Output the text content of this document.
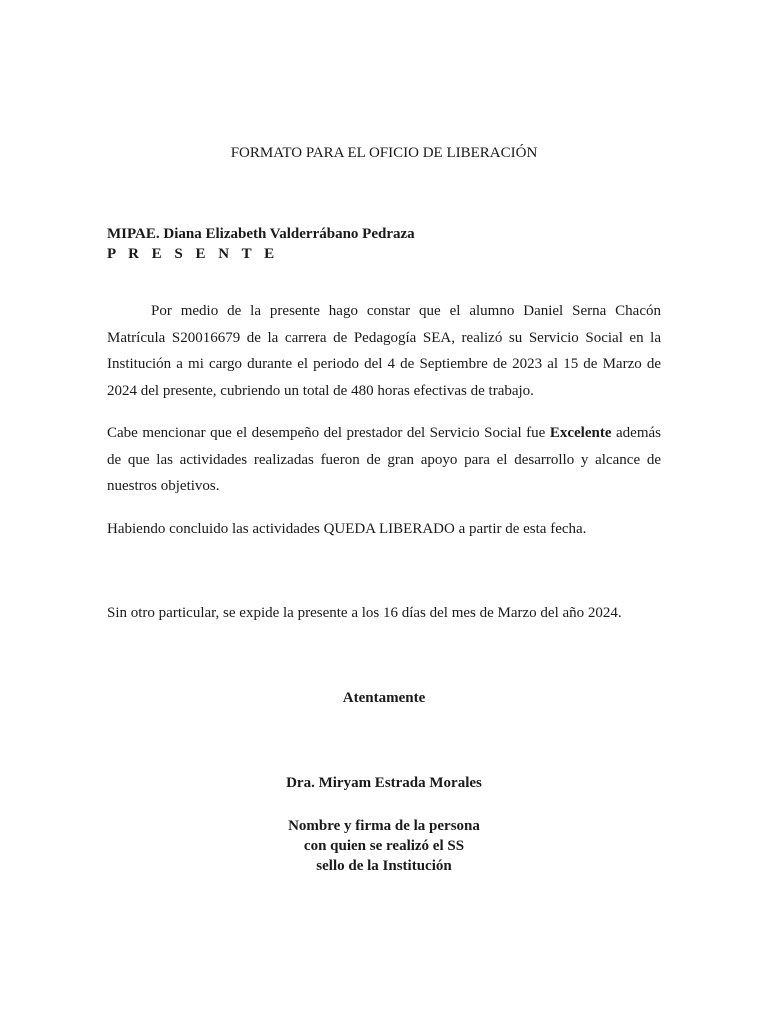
FORMATO PARA EL OFICIO DE LIBERACIÓN
MIPAE. Diana Elizabeth Valderrábano Pedraza
P R E S E N T E

Por medio de la presente hago constar que el alumno Daniel Serna Chacón Matrícula S20016679 de la carrera de Pedagogía SEA, realizó su Servicio Social en la Institución a mi cargo durante el periodo del 4 de Septiembre de 2023 al 15 de Marzo de 2024 del presente, cubriendo un total de 480 horas efectivas de trabajo.

Cabe mencionar que el desempeño del prestador del Servicio Social fue Excelente además de que las actividades realizadas fueron de gran apoyo para el desarrollo y alcance de nuestros objetivos.

Habiendo concluido las actividades QUEDA LIBERADO a partir de esta fecha.

Sin otro particular, se expide la presente a los 16 días del mes de Marzo del año 2024.

Atentamente
Dra. Miryam Estrada Morales
Nombre y firma de la persona
con quien se realizó el SS
sello de la Institución
